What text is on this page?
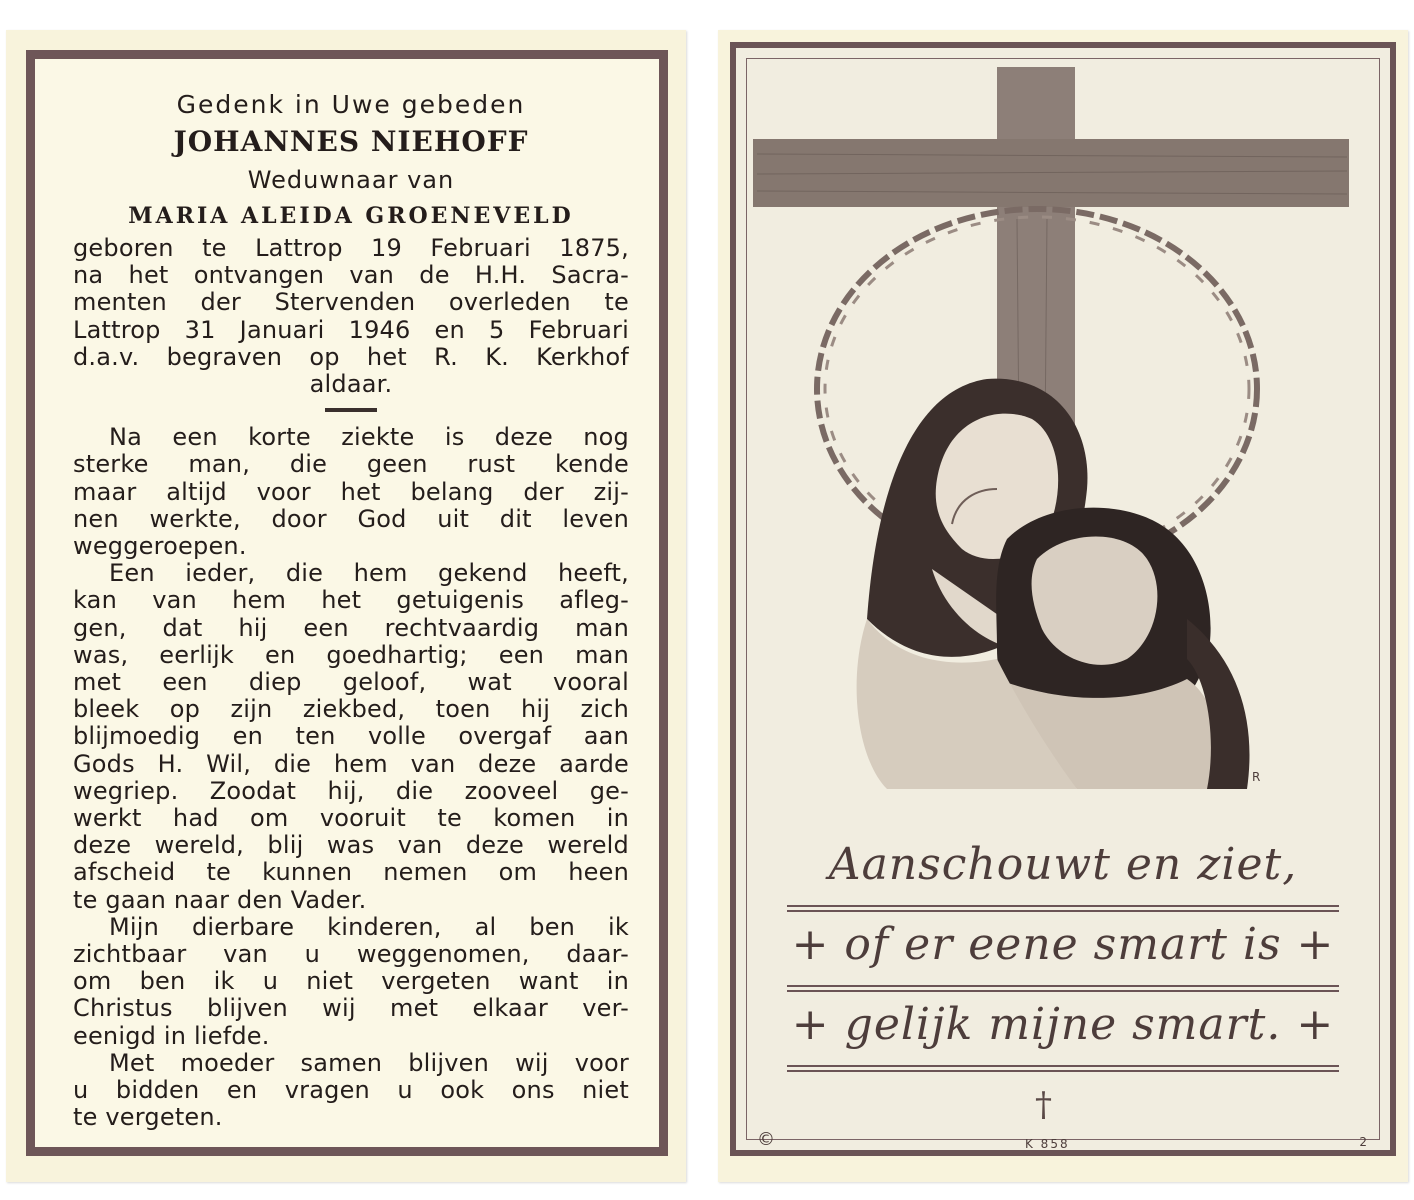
Gedenk in Uwe gebeden
JOHANNES NIEHOFF
Weduwnaar van
MARIA ALEIDA GROENEVELD
geboren te Lattrop 19 Februari 1875,
na het ontvangen van de H.H. Sacra-
menten der Stervenden overleden te
Lattrop 31 Januari 1946 en 5 Februari
d.a.v. begraven op het R. K. Kerkhof
aldaar.
Na een korte ziekte is deze nog
sterke man, die geen rust kende
maar altijd voor het belang der zij-
nen werkte, door God uit dit leven
weggeroepen.
Een ieder, die hem gekend heeft,
kan van hem het getuigenis afleg-
gen, dat hij een rechtvaardig man
was, eerlijk en goedhartig; een man
met een diep geloof, wat vooral
bleek op zijn ziekbed, toen hij zich
blijmoedig en ten volle overgaf aan
Gods H. Wil, die hem van deze aarde
wegriep. Zoodat hij, die zooveel ge-
werkt had om vooruit te komen in
deze wereld, blij was van deze wereld
afscheid te kunnen nemen om heen
te gaan naar den Vader.
Mijn dierbare kinderen, al ben ik
zichtbaar van u weggenomen, daar-
om ben ik u niet vergeten want in
Christus blijven wij met elkaar ver-
eenigd in liefde.
Met moeder samen blijven wij voor
u bidden en vragen u ook ons niet
te vergeten.
R
Aanschouwt en ziet,
+ of er eene smart is +
+ gelijk mijne smart. +
†
©	K 858	2
